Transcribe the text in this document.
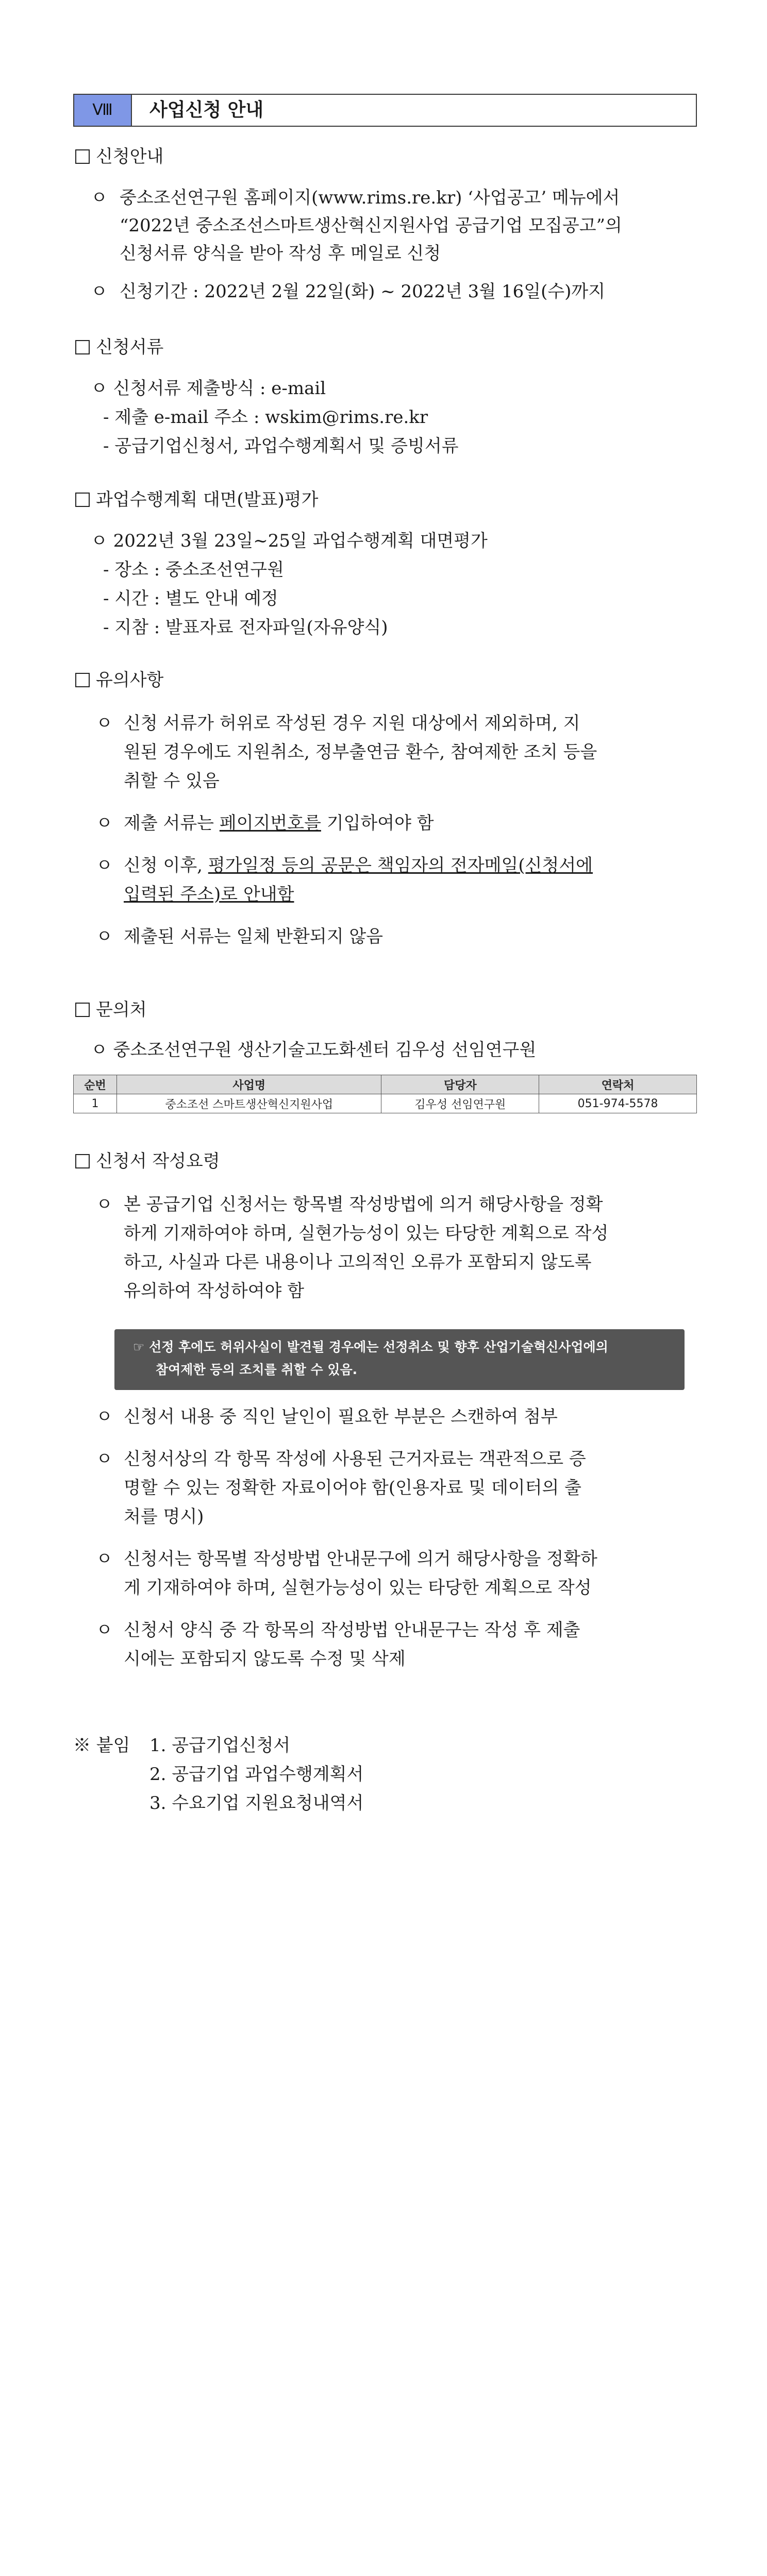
Ⅷ	사업신청 안내
신청안내
ㅇ 중소조선연구원 홈페이지(www.rims.re.kr) ‘사업공고’ 메뉴에서
“2022년 중소조선스마트생산혁신지원사업 공급기업 모집공고”의
신청서류 양식을 받아 작성 후 메일로 신청
ㅇ 신청기간 : 2022년 2월 22일(화) ~ 2022년 3월 16일(수)까지
신청서류
ㅇ 신청서류 제출방식 : e-mail
- 제출 e-mail 주소 : wskim@rims.re.kr
- 공급기업신청서, 과업수행계획서 및 증빙서류
과업수행계획 대면(발표)평가
ㅇ 2022년 3월 23일~25일 과업수행계획 대면평가
- 장소 : 중소조선연구원
- 시간 : 별도 안내 예정
- 지참 : 발표자료 전자파일(자유양식)
유의사항
ㅇ 신청 서류가 허위로 작성된 경우 지원 대상에서 제외하며, 지
원된 경우에도 지원취소, 정부출연금 환수, 참여제한 조치 등을
취할 수 있음
ㅇ 제출 서류는 페이지번호를 기입하여야 함
ㅇ 신청 이후, 평가일정 등의 공문은 책임자의 전자메일(신청서에
입력된 주소)로 안내함
ㅇ 제출된 서류는 일체 반환되지 않음
문의처
ㅇ 중소조선연구원 생산기술고도화센터 김우성 선임연구원
순번	사업명	담당자	연락처
1	중소조선 스마트생산혁신지원사업	김우성 선임연구원	051-974-5578
신청서 작성요령
ㅇ 본 공급기업 신청서는 항목별 작성방법에 의거 해당사항을 정확
하게 기재하여야 하며, 실현가능성이 있는 타당한 계획으로 작성
하고, 사실과 다른 내용이나 고의적인 오류가 포함되지 않도록
유의하여 작성하여야 함
☞ 선정 후에도 허위사실이 발견될 경우에는 선정취소 및 향후 산업기술혁신사업에의
참여제한 등의 조치를 취할 수 있음.
ㅇ 신청서 내용 중 직인 날인이 필요한 부분은 스캔하여 첨부
ㅇ 신청서상의 각 항목 작성에 사용된 근거자료는 객관적으로 증
명할 수 있는 정확한 자료이어야 함(인용자료 및 데이터의 출
처를 명시)
ㅇ 신청서는 항목별 작성방법 안내문구에 의거 해당사항을 정확하
게 기재하여야 하며, 실현가능성이 있는 타당한 계획으로 작성
ㅇ 신청서 양식 중 각 항목의 작성방법 안내문구는 작성 후 제출
시에는 포함되지 않도록 수정 및 삭제
※ 붙임 1. 공급기업신청서
2. 공급기업 과업수행계획서
3. 수요기업 지원요청내역서
